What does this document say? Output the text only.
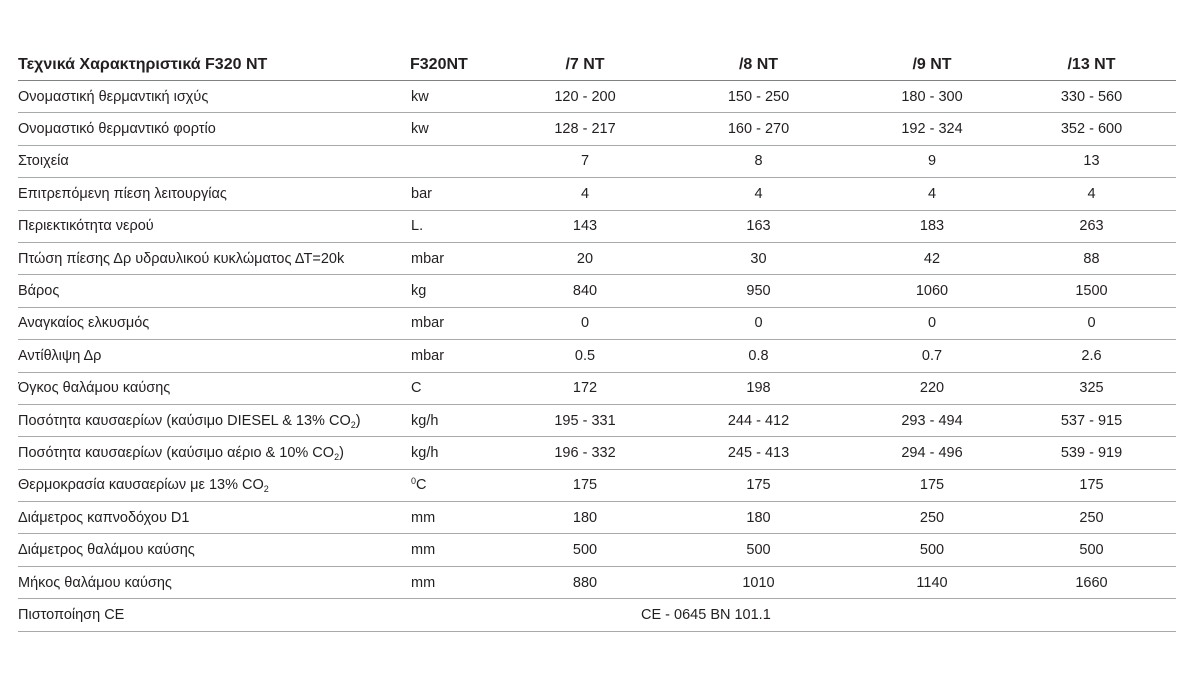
Τεχνικά Χαρακτηριστικά F320 NT	F320NT	/7 NT	/8 NT	/9 NT	/13 NT
Ονομαστική θερμαντική ισχύς	kw	120 - 200	150 - 250	180 - 300	330 - 560
Ονομαστικό θερμαντικό φορτίο	kw	128 - 217	160 - 270	192 - 324	352 - 600
Στοιχεία		7	8	9	13
Επιτρεπόμενη πίεση λειτουργίας	bar	4	4	4	4
Περιεκτικότητα νερού	L.	143	163	183	263
Πτώση πίεσης Δρ υδραυλικού κυκλώματος ΔΤ=20k	mbar	20	30	42	88
Βάρος	kg	840	950	1060	1500
Αναγκαίος ελκυσμός	mbar	0	0	0	0
Αντίθλιψη Δρ	mbar	0.5	0.8	0.7	2.6
Όγκος θαλάμου καύσης	C	172	198	220	325
Ποσότητα καυσαερίων (καύσιμο DIESEL & 13% $CO_2$)	kg/h	195 - 331	244 - 412	293 - 494	537 - 915
Ποσότητα καυσαερίων (καύσιμο αέριο & 10% $CO_2$)	kg/h	196 - 332	245 - 413	294 - 496	539 - 919
Θερμοκρασία καυσαερίων με 13% $CO_2$	$^0$C	175	175	175	175
Διάμετρος καπνοδόχου D1	mm	180	180	250	250
Διάμετρος θαλάμου καύσης	mm	500	500	500	500
Μήκος θαλάμου καύσης	mm	880	1010	1140	1660
Πιστοποίηση CE	CE - 0645 BN 101.1				
